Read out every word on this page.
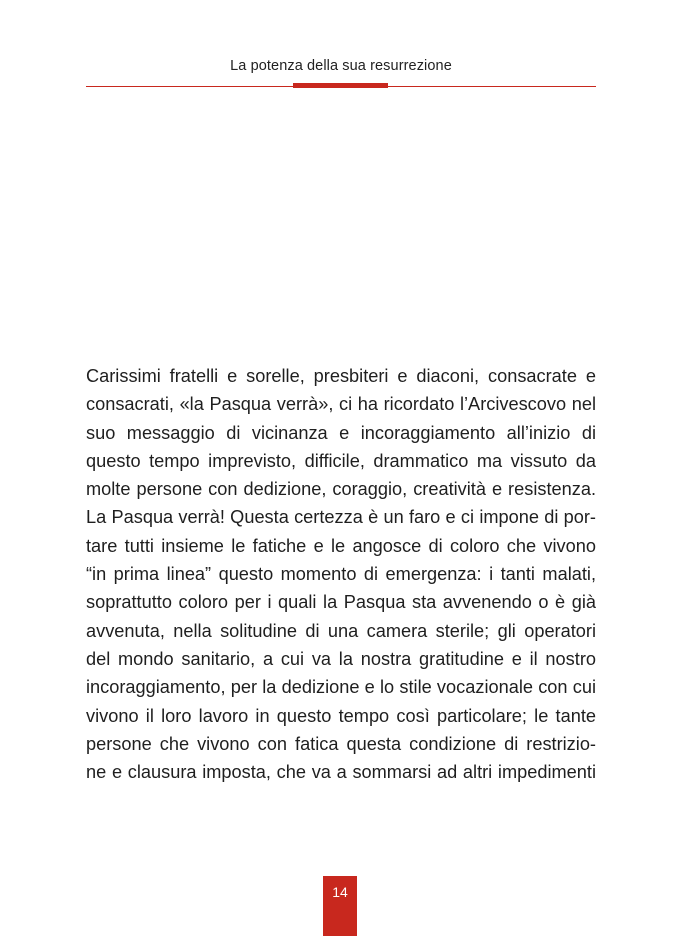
La potenza della sua resurrezione
Carissimi fratelli e sorelle, presbiteri e diaconi, consacrate e
consacrati, «la Pasqua verrà», ci ha ricordato l’Arcivescovo nel
suo messaggio di vicinanza e incoraggiamento all’inizio di
questo tempo imprevisto, difficile, drammatico ma vissuto da
molte persone con dedizione, coraggio, creatività e resistenza.
La Pasqua verrà! Questa certezza è un faro e ci impone di por-
tare tutti insieme le fatiche e le angosce di coloro che vivono
“in prima linea” questo momento di emergenza: i tanti malati,
soprattutto coloro per i quali la Pasqua sta avvenendo o è già
avvenuta, nella solitudine di una camera sterile; gli operatori
del mondo sanitario, a cui va la nostra gratitudine e il nostro
incoraggiamento, per la dedizione e lo stile vocazionale con cui
vivono il loro lavoro in questo tempo così particolare; le tante
persone che vivono con fatica questa condizione di restrizio-
ne e clausura imposta, che va a sommarsi ad altri impedimenti
14
